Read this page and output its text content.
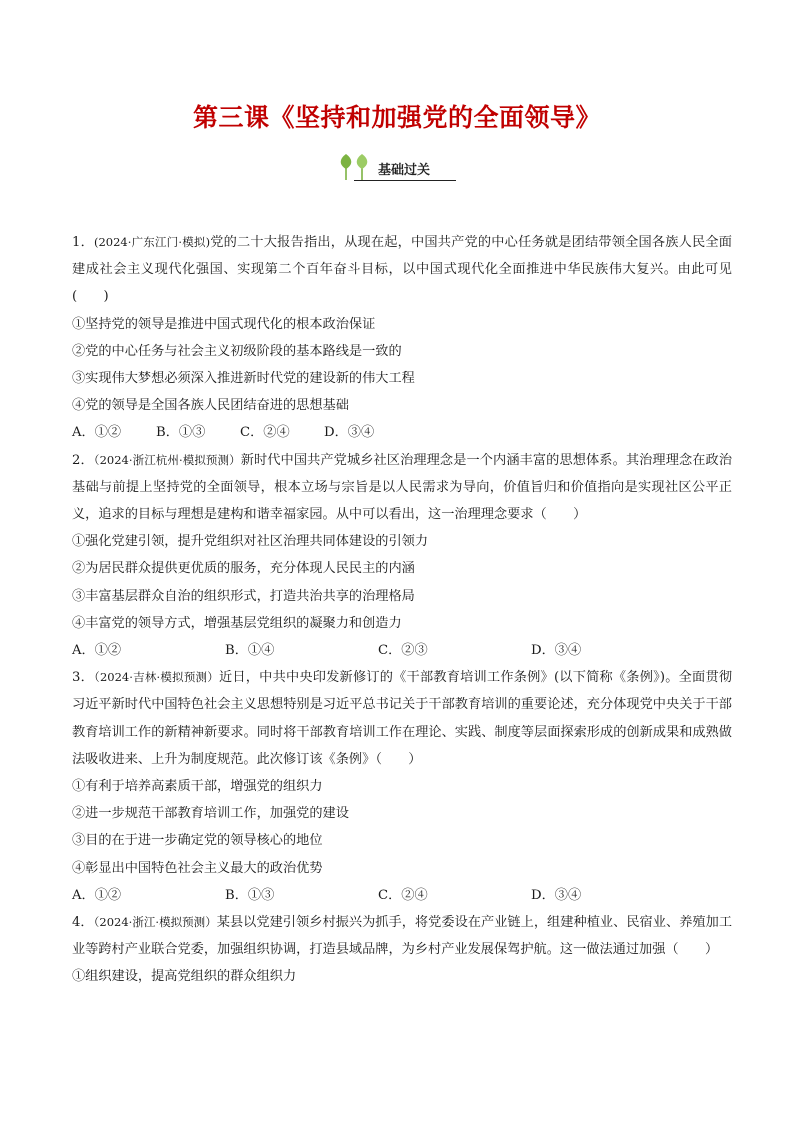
第三课《坚持和加强党的全面领导》
基础过关

1．(2024·广东江门·模拟)党的二十大报告指出，从现在起，中国共产党的中心任务就是团结带领全国各族人民全面建成社会主义现代化强国、实现第二个百年奋斗目标，以中国式现代化全面推进中华民族伟大复兴。由此可见(　　)

①坚持党的领导是推进中国式现代化的根本政治保证

②党的中心任务与社会主义初级阶段的基本路线是一致的

③实现伟大梦想必须深入推进新时代党的建设新的伟大工程

④党的领导是全国各族人民团结奋进的思想基础

A．①②	B．①③	C．②④	D．③④

2．（2024·浙江杭州·模拟预测）新时代中国共产党城乡社区治理理念是一个内涵丰富的思想体系。其治理理念在政治基础与前提上坚持党的全面领导，根本立场与宗旨是以人民需求为导向，价值旨归和价值指向是实现社区公平正义，追求的目标与理想是建构和谐幸福家园。从中可以看出，这一治理理念要求（　　）

①强化党建引领，提升党组织对社区治理共同体建设的引领力

②为居民群众提供更优质的服务，充分体现人民民主的内涵

③丰富基层群众自治的组织形式，打造共治共享的治理格局

④丰富党的领导方式，增强基层党组织的凝聚力和创造力

A．①②	B．①④	C．②③	D．③④

3．（2024·吉林·模拟预测）近日，中共中央印发新修订的《干部教育培训工作条例》(以下简称《条例》)。全面贯彻习近平新时代中国特色社会主义思想特别是习近平总书记关于干部教育培训的重要论述，充分体现党中央关于干部教育培训工作的新精神新要求。同时将干部教育培训工作在理论、实践、制度等层面探索形成的创新成果和成熟做法吸收进来、上升为制度规范。此次修订该《条例》（　　）

①有利于培养高素质干部，增强党的组织力

②进一步规范干部教育培训工作，加强党的建设

③目的在于进一步确定党的领导核心的地位

④彰显出中国特色社会主义最大的政治优势

A．①②	B．①③	C．②④	D．③④

4．（2024·浙江·模拟预测）某县以党建引领乡村振兴为抓手，将党委设在产业链上，组建种植业、民宿业、养殖加工业等跨村产业联合党委，加强组织协调，打造县域品牌，为乡村产业发展保驾护航。这一做法通过加强（　　）

①组织建设，提高党组织的群众组织力
